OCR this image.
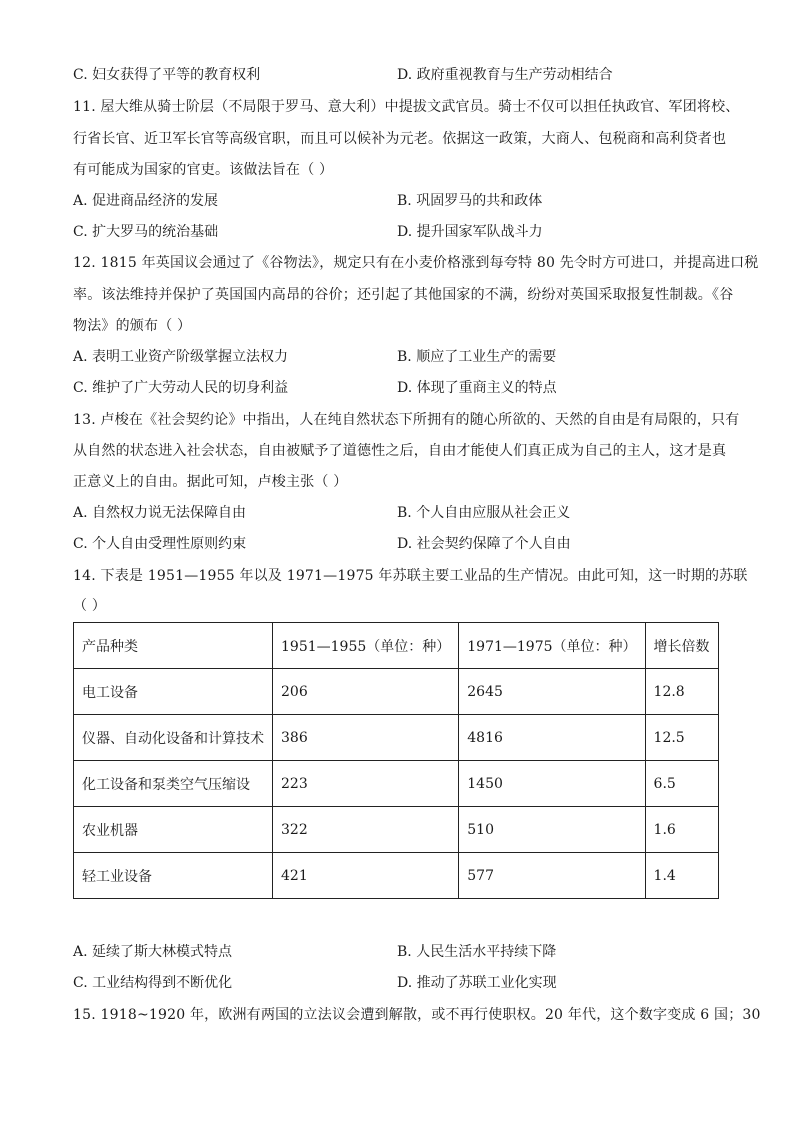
C. 妇女获得了平等的教育权利	D. 政府重视教育与生产劳动相结合
11. 屋大维从骑士阶层（不局限于罗马、意大利）中提拔文武官员。骑士不仅可以担任执政官、军团将校、
行省长官、近卫军长官等高级官职，而且可以候补为元老。依据这一政策，大商人、包税商和高利贷者也
有可能成为国家的官吏。该做法旨在（ ）
A. 促进商品经济的发展	B. 巩固罗马的共和政体
C. 扩大罗马的统治基础	D. 提升国家军队战斗力
12. 1815 年英国议会通过了《谷物法》，规定只有在小麦价格涨到每夸特 80 先令时方可进口，并提高进口税
率。该法维持并保护了英国国内高昂的谷价；还引起了其他国家的不满，纷纷对英国采取报复性制裁。《谷
物法》的颁布（ ）
A. 表明工业资产阶级掌握立法权力	B. 顺应了工业生产的需要
C. 维护了广大劳动人民的切身利益	D. 体现了重商主义的特点
13. 卢梭在《社会契约论》中指出，人在纯自然状态下所拥有的随心所欲的、天然的自由是有局限的，只有
从自然的状态进入社会状态，自由被赋予了道德性之后，自由才能使人们真正成为自己的主人，这才是真
正意义上的自由。据此可知，卢梭主张（ ）
A. 自然权力说无法保障自由	B. 个人自由应服从社会正义
C. 个人自由受理性原则约束	D. 社会契约保障了个人自由
14. 下表是 1951—1955 年以及 1971—1975 年苏联主要工业品的生产情况。由此可知，这一时期的苏联
（ ）
产品种类	1951—1955（单位：种）	1971—1975（单位：种）	增长倍数
电工设备	206	2645	12.8
仪器、自动化设备和计算技术	386	4816	12.5
化工设备和泵类空气压缩设	223	1450	6.5
农业机器	322	510	1.6
轻工业设备	421	577	1.4
A. 延续了斯大林模式特点	B. 人民生活水平持续下降
C. 工业结构得到不断优化	D. 推动了苏联工业化实现
15. 1918~1920 年，欧洲有两国的立法议会遭到解散，或不再行使职权。20 年代，这个数字变成 6 国；30
